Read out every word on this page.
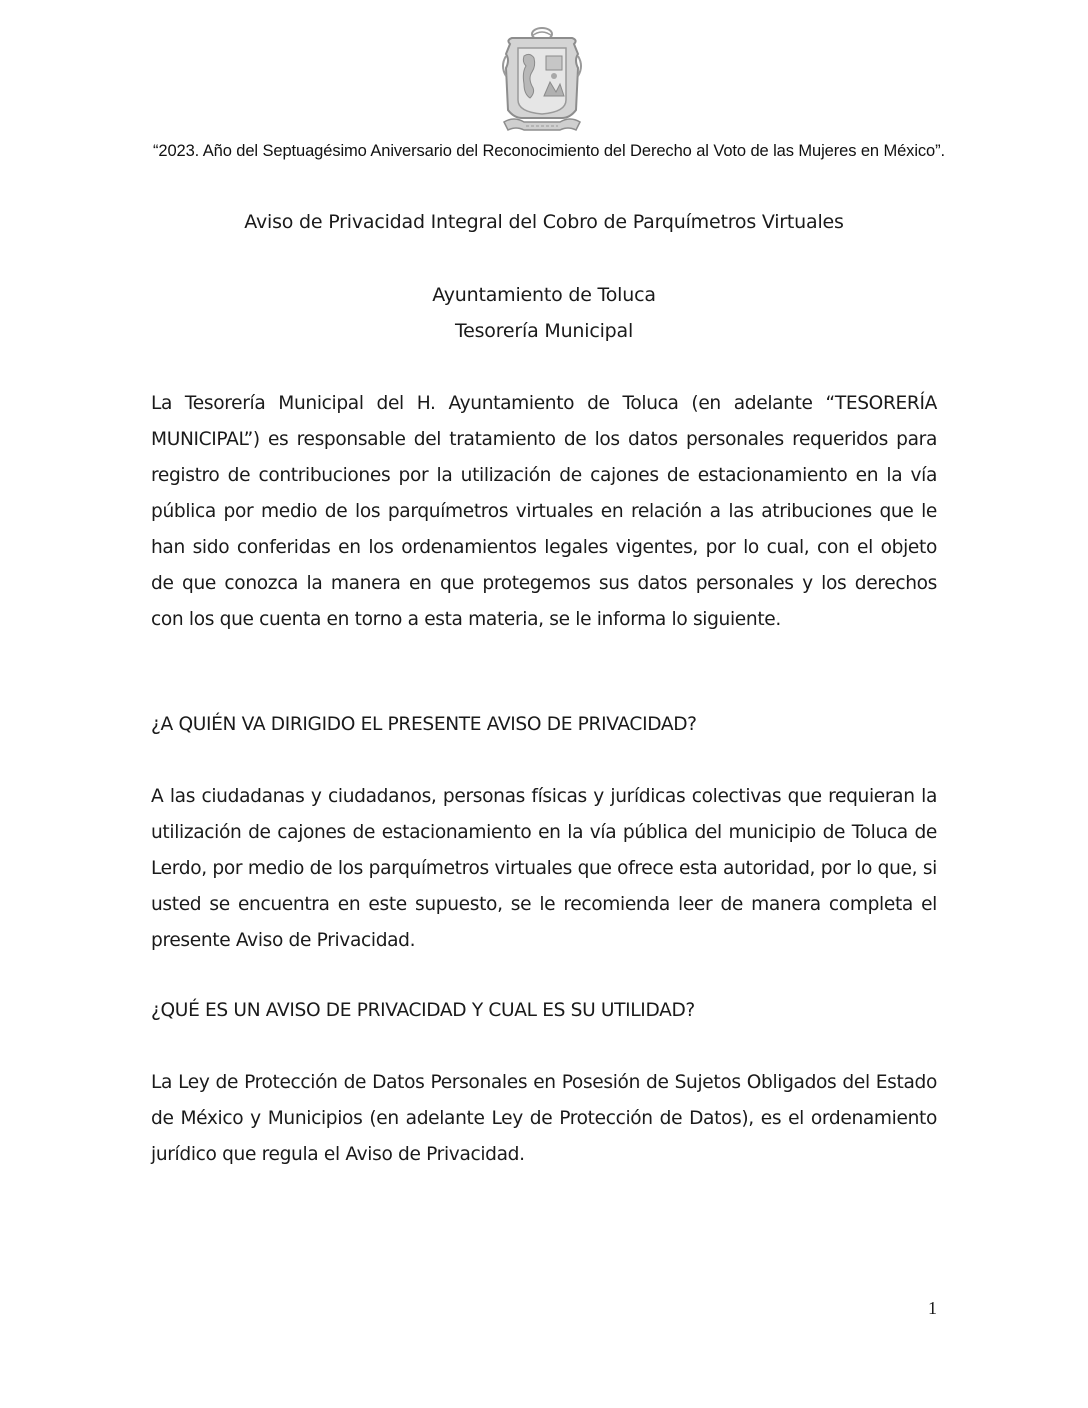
“2023. Año del Septuagésimo Aniversario del Reconocimiento del Derecho al Voto de las Mujeres en México”.
Aviso de Privacidad Integral del Cobro de Parquímetros Virtuales
Ayuntamiento de Toluca
Tesorería Municipal

La Tesorería Municipal del H. Ayuntamiento de Toluca (en adelante “TESORERÍA MUNICIPAL”) es responsable del tratamiento de los datos personales requeridos para registro de contribuciones por la utilización de cajones de estacionamiento en la vía pública por medio de los parquímetros virtuales en relación a las atribuciones que le han sido conferidas en los ordenamientos legales vigentes, por lo cual, con el objeto de que conozca la manera en que protegemos sus datos personales y los derechos con los que cuenta en torno a esta materia, se le informa lo siguiente.

¿A QUIÉN VA DIRIGIDO EL PRESENTE AVISO DE PRIVACIDAD?

A las ciudadanas y ciudadanos, personas físicas y jurídicas colectivas que requieran la utilización de cajones de estacionamiento en la vía pública del municipio de Toluca de Lerdo, por medio de los parquímetros virtuales que ofrece esta autoridad, por lo que, si usted se encuentra en este supuesto, se le recomienda leer de manera completa el presente Aviso de Privacidad.

¿QUÉ ES UN AVISO DE PRIVACIDAD Y CUAL ES SU UTILIDAD?

La Ley de Protección de Datos Personales en Posesión de Sujetos Obligados del Estado de México y Municipios (en adelante Ley de Protección de Datos), es el ordenamiento jurídico que regula el Aviso de Privacidad.

1
